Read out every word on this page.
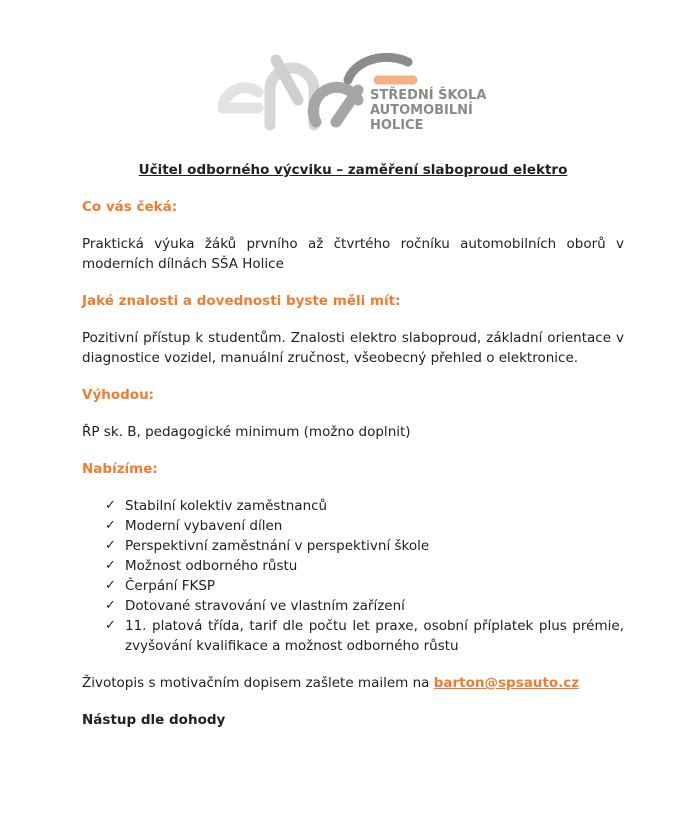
STŘEDNÍ ŠKOLA
AUTOMOBILNÍ
HOLICE

Učitel odborného výcviku – zaměření slaboproud elektro

Co vás čeká:

Praktická výuka žáků prvního až čtvrtého ročníku automobilních oborů v moderních dílnách SŠA Holice

Jaké znalosti a dovednosti byste měli mít:

Pozitivní přístup k studentům. Znalosti elektro slaboproud, základní orientace v diagnostice vozidel, manuální zručnost, všeobecný přehled o elektronice.

Výhodou:

ŘP sk. B, pedagogické minimum (možno doplnit)

Nabízíme:

✓ Stabilní kolektiv zaměstnanců
✓ Moderní vybavení dílen
✓ Perspektivní zaměstnání v perspektivní škole
✓ Možnost odborného růstu
✓ Čerpání FKSP
✓ Dotované stravování ve vlastním zařízení
✓ 11. platová třída, tarif dle počtu let praxe, osobní příplatek plus prémie, zvyšování kvalifikace a možnost odborného růstu

Životopis s motivačním dopisem zašlete mailem na barton@spsauto.cz

Nástup dle dohody
